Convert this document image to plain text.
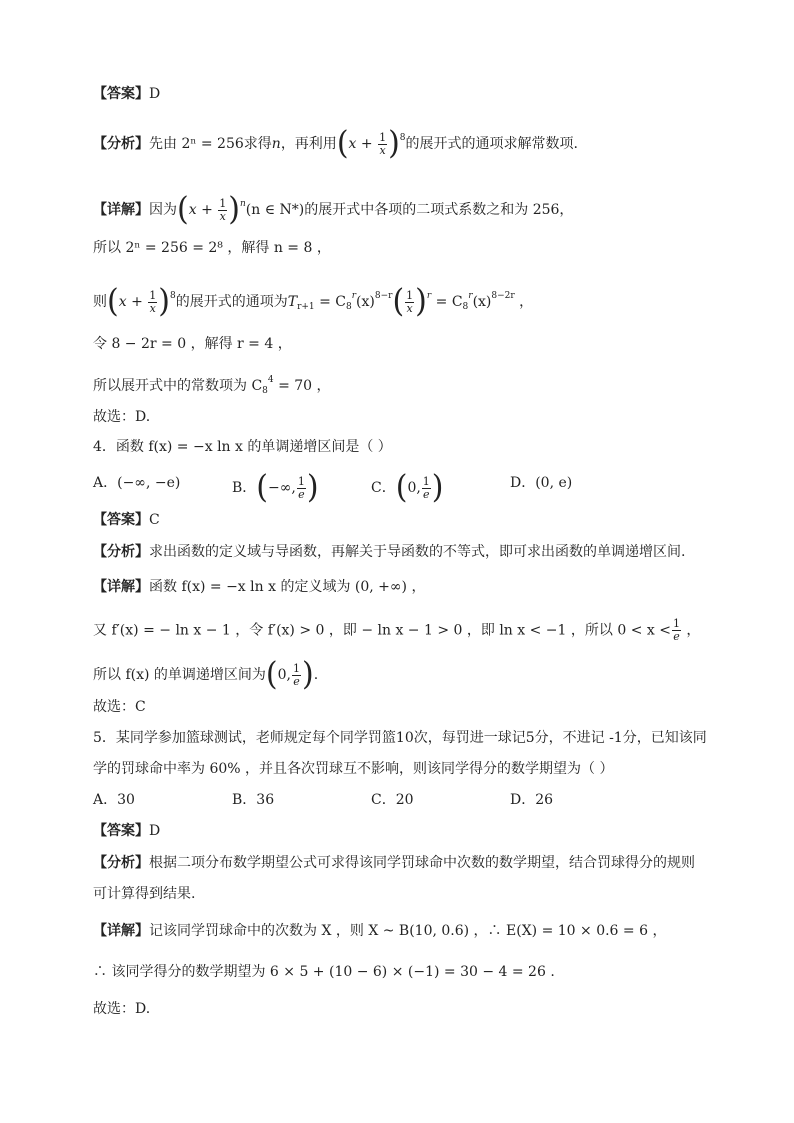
【答案】D
【分析】先由 2ⁿ = 256求得n，再利用$(x + \frac{1}{x} )^8$的展开式的通项求解常数项.
【详解】因为$(x + \frac{1}{x} )^n(n$ ∈ N*)的展开式中各项的二项式系数之和为 256，
所以 2ⁿ = 256 = 2⁸ ，解得 n = 8 ，
则$(x + \frac{1}{x} )^8$的展开式的通项为$T_{r+1} = C_8^r(x)^{8-r}( \frac{1}{x} )^r = C_8^r(x)^{8-2r}$ ，
令 8 − 2r = 0 ，解得 r = 4 ，
所以展开式中的常数项为 $C_8^4 = 70$ ，
故选：D.
4．函数 f(x) = −x ln x 的单调递增区间是（ ）
A．(−∞, −e)	B．(−∞, $\frac{1}{e}$ )	C．(0, $\frac{1}{e}$ )	D．(0, e)
【答案】C
【分析】求出函数的定义域与导函数，再解关于导函数的不等式，即可求出函数的单调递增区间.
【详解】函数 f(x) = −x ln x 的定义域为 (0, +∞) ，
又 f′(x) = − ln x − 1 ，令 f′(x) > 0 ，即 − ln x − 1 > 0 ，即 ln x < −1 ，所以 $0 < x < \frac{1}{e}$ ，
所以 f(x) 的单调递增区间为(0, $\frac{1}{e}$ ).
故选：C
5．某同学参加篮球测试，老师规定每个同学罚篮10次，每罚进一球记5分，不进记 -1分，已知该同
学的罚球命中率为 60% ，并且各次罚球互不影响，则该同学得分的数学期望为（ ）
A．30	B．36	C．20	D．26
【答案】D
【分析】根据二项分布数学期望公式可求得该同学罚球命中次数的数学期望，结合罚球得分的规则
可计算得到结果.
【详解】记该同学罚球命中的次数为 X ，则 X ~ B(10, 0.6) ，∴ E(X) = 10 × 0.6 = 6 ，
∴ 该同学得分的数学期望为 6 × 5 + (10 − 6) × (−1) = 30 − 4 = 26 .
故选：D.
